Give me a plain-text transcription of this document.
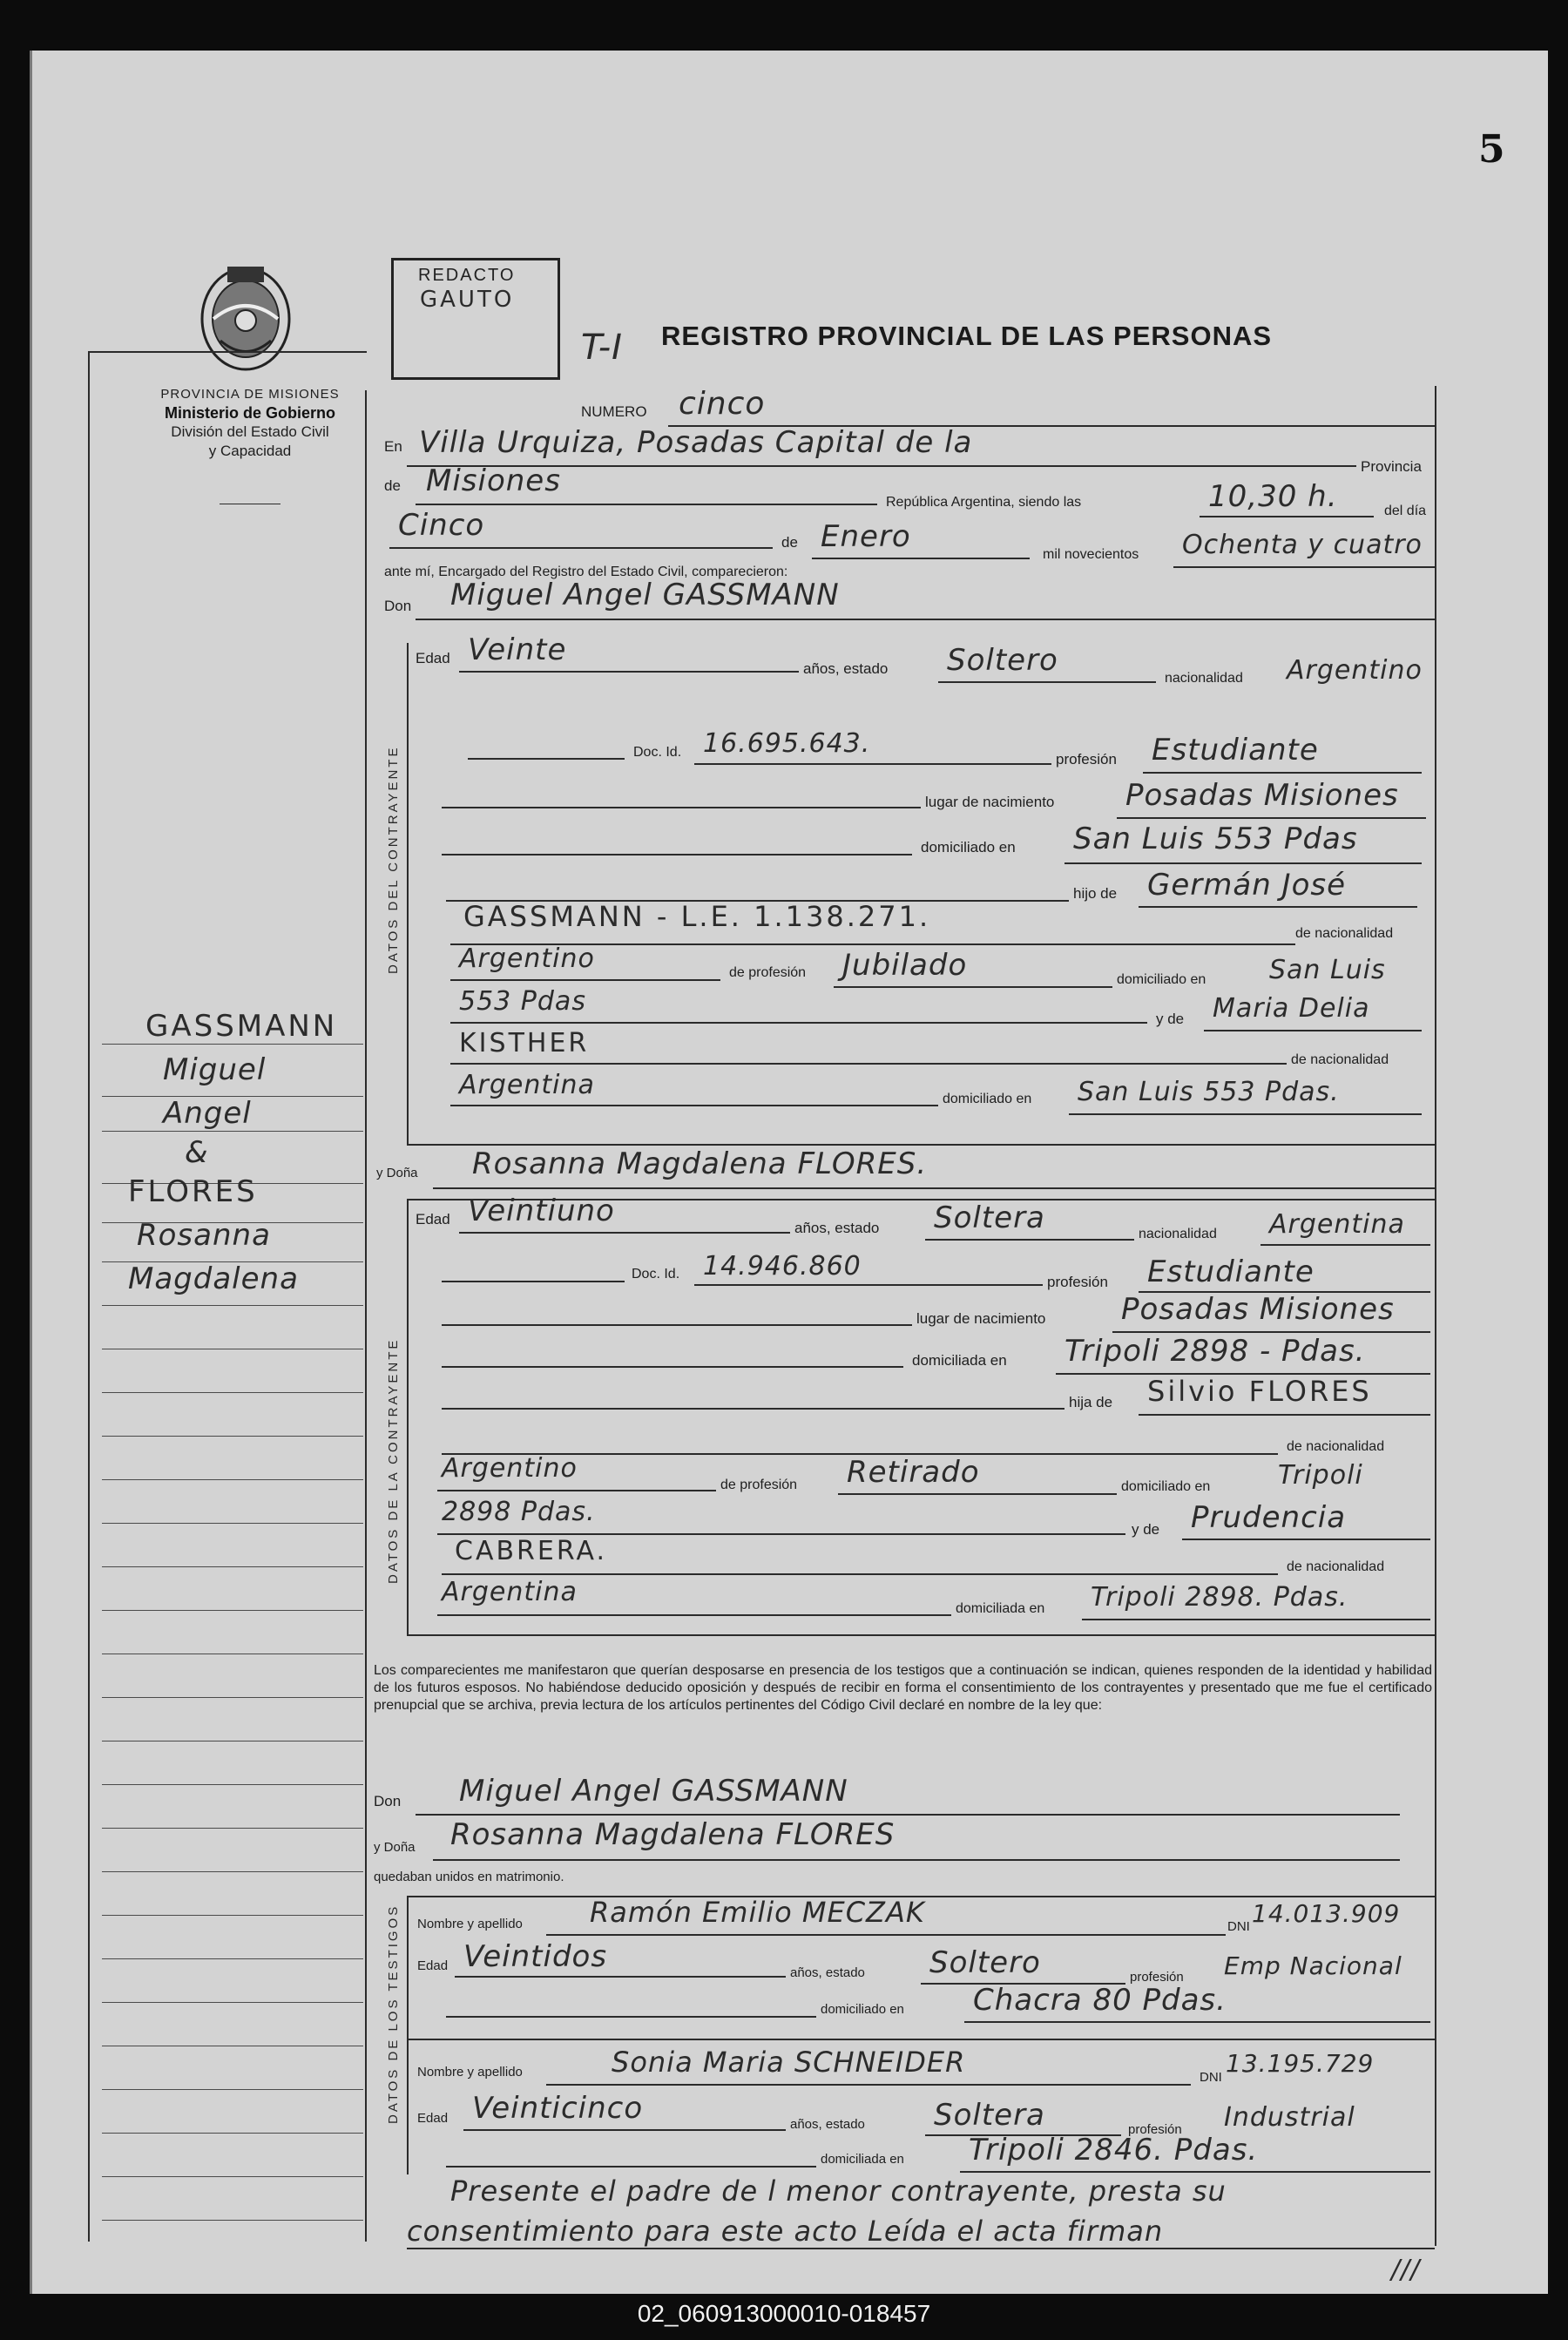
5
PROVINCIA DE MISIONES
Ministerio de Gobierno
División del Estado Civil
y Capacidad
REDACTO
GAUTO
T-I REGISTRO PROVINCIAL DE LAS PERSONAS
GASSMANN
Miguel
Angel
&
FLORES
Rosanna
Magdalena
NUMERO cinco
En Villa Urquiza, Posadas Capital de la
Provincia
de Misiones
República Argentina, siendo las	10,30 h.	del día
Cinco	de Enero
mil novecientos Ochenta y cuatro
ante mí, Encargado del Registro del Estado Civil, comparecieron:
Don Miguel Angel GASSMANN
DATOS DEL CONTRAYENTE
Edad Veinte
años, estado Soltero
nacionalidad Argentino
Doc. Id. 16.695.643.
profesión Estudiante
lugar de nacimiento Posadas Misiones
domiciliado en San Luis 553 Pdas
hijo de Germán José
GASSMANN - L.E. 1.138.271.
de nacionalidad
Argentino	de profesión Jubilado	domiciliado en San Luis
553 Pdas
y de Maria Delia
KISTHER
de nacionalidad
Argentina	domiciliado en San Luis 553 Pdas.
y Doña Rosanna Magdalena FLORES.
DATOS DE LA CONTRAYENTE
Edad Veintiuno	años, estado Soltera	nacionalidad Argentina
Doc. Id. 14.946.860
profesión Estudiante
lugar de nacimiento	Posadas Misiones
domiciliada en Tripoli 2898 - Pdas.
hija de Silvio FLORES
de nacionalidad
Argentino
de profesión Retirado	domiciliado en	Tripoli
2898 Pdas.
y de Prudencia
CABRERA.
de nacionalidad
Argentina
domiciliada en Tripoli 2898. Pdas.
Los comparecientes me manifestaron que querían desposarse en presencia de los testigos que a continuación se indican, quienes responden de la identidad y habilidad de los futuros esposos. No habiéndose deducido oposición y después de recibir en forma el consentimiento de los contrayentes y presentado que me fue el certificado prenupcial que se archiva, previa lectura de los artículos pertinentes del Código Civil declaré en nombre de la ley que:
Don Miguel Angel GASSMANN
y Doña Rosanna Magdalena FLORES
quedaban unidos en matrimonio.
DATOS DE LOS TESTIGOS Nombre y apellido Ramón Emilio MECZAK	DNI 14.013.909
Edad Veintidos	años, estado Soltero	profesión Emp Nacional
domiciliado en Chacra 80 Pdas.
Nombre y apellido	Sonia Maria SCHNEIDER	DNI 13.195.729
Edad Veinticinco	años, estado Soltera	profesión Industrial
domiciliada en Tripoli 2846. Pdas.
Presente el padre de l menor contrayente, presta su
consentimiento para este acto Leída el acta firman
///
02_060913000010-018457
